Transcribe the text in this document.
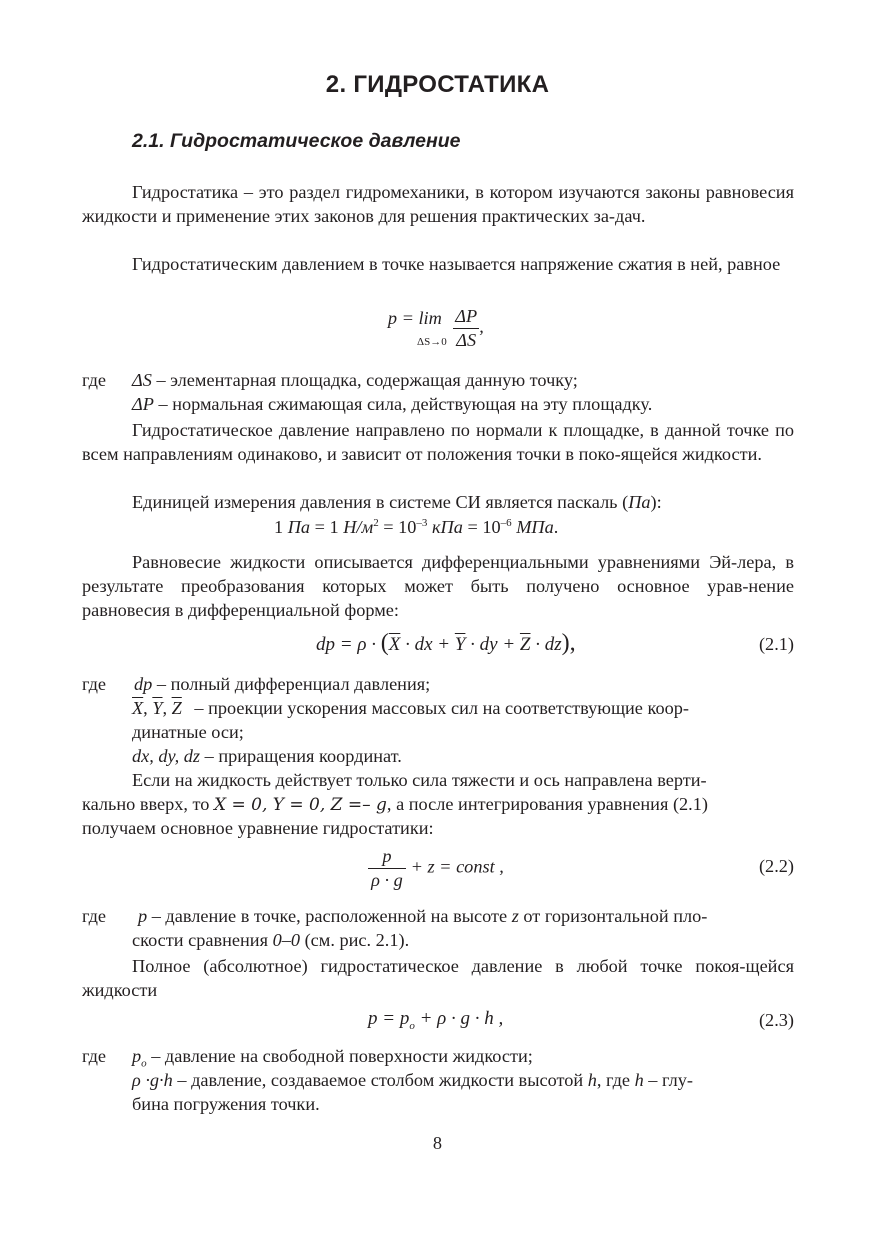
2. ГИДРОСТАТИКА
2.1. Гидростатическое давление
Гидростатика – это раздел гидромеханики, в котором изучаются законы равновесия жидкости и применение этих законов для решения практических за-дач.
Гидростатическим давлением в точке называется напряжение сжатия в ней, равное
p = lim
$\Delta S\to 0 \frac{\Delta P}{\Delta S}$ ,
где ΔS – элементарная площадка, содержащая данную точку;
ΔP – нормальная сжимающая сила, действующая на эту площадку.
Гидростатическое давление направлено по нормали к площадке, в данной точке по всем направлениям одинаково, и зависит от положения точки в поко-ящейся жидкости.
Единицей измерения давления в системе СИ является паскаль (Па):
1 Па = 1 $Н/м^2 = 10^{-3}$ кПа = $10^{-6}$ МПа.
Равновесие жидкости описывается дифференциальными уравнениями Эй-лера, в результате преобразования которых может быть получено основное урав-нение равновесия в дифференциальной форме:
dp = $\rho \cdot (\overline{X}$ · dx + $\overline{Y}$ · dy + $\overline{Z} \cdot dz$),	(2.1)
где dp – полный дифференциал давления;
$\overline{X}$, $\overline{Y}$, $\overline{Z}$ – проекции ускорения массовых сил на соответствующие коор-
динатные оси;
dx, dy, dz – приращения координат.
Если на жидкость действует только сила тяжести и ось направлена верти-
кально вверх, то X = 0, Y = 0, Z =– g, а после интегрирования уравнения (2.1)
получаем основное уравнение гидростатики:
$\frac{p}{\rho \cdot g} + z$ = const ,	(2.2)
где p – давление в точке, расположенной на высоте z от горизонтальной пло-
скости сравнения 0–0 (см. рис. 2.1).
Полное (абсолютное) гидростатическое давление в любой точке покоя-щейся жидкости
$p = p_o + \rho \cdot g \cdot h$ ,	(2.3)
где $p_o$ – давление на свободной поверхности жидкости;
ρ ·g·h – давление, создаваемое столбом жидкости высотой h, где h – глу-
бина погружения точки.
8
